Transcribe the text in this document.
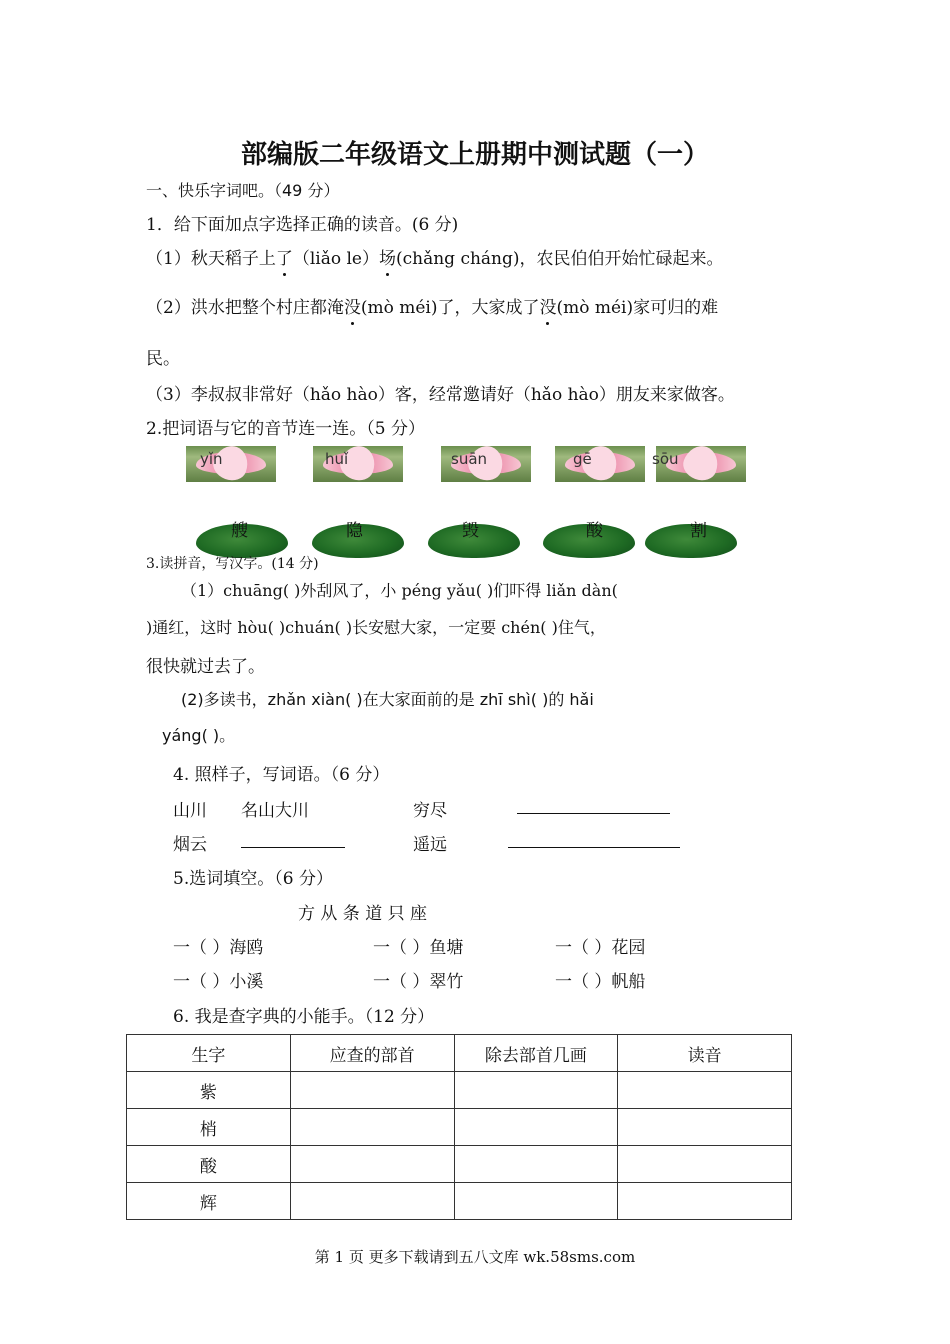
部编版二年级语文上册期中测试题（一）
一、快乐字词吧。（49 分）
1．给下面加点字选择正确的读音。(6 分)
（1）秋天稻子上了（liǎo le）场(chǎng cháng)，农民伯伯开始忙碌起来。
（2）洪水把整个村庄都淹没(mò méi)了，大家成了没(mò méi)家可归的难
民。
（3）李叔叔非常好（hǎo hào）客，经常邀请好（hǎo hào）朋友来家做客。
2.把词语与它的音节连一连。（5 分）
yǐn	huǐ	suān	gē	sōu
艘	隐	毁	酸	割
3.读拼音，写汉字。(14 分)
（1）chuāng( )外刮风了，小 péng yǎu( )们吓得 liǎn dàn(
)通红，这时 hòu( )chuán( )长安慰大家，一定要 chén( )住气，
很快就过去了。
(2)多读书，zhǎn xiàn( )在大家面前的是 zhī shì( )的 hǎi
yáng( )。
4. 照样子，写词语。（6 分）
山川 名山大川	穷尽
烟云	遥远
5.选词填空。（6 分）
方 从 条 道 只 座
一（ ）海鸥	一（ ）鱼塘	一（ ）花园
一（ ）小溪	一（ ）翠竹	一（ ）帆船
6. 我是查字典的小能手。（12 分）
生字	应查的部首	除去部首几画	读音
紫			
梢			
酸			
辉			
第 1 页 更多下载请到五八文库 wk.58sms.com
